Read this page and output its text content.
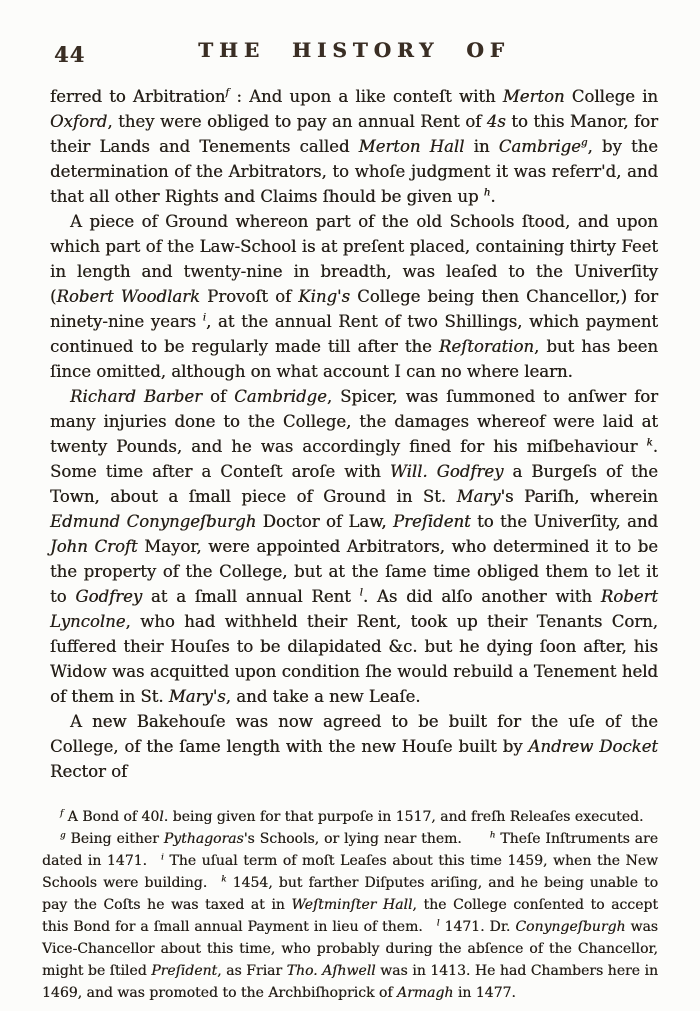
44	THE HISTORY OF

ferred to Arbitration$^f$ : And upon a like conteſt with Merton College in Oxford, they were obliged to pay an annual Rent of 4s to this Manor, for their Lands and Tenements called Merton Hall in Cambrige$^g$, by the determination of the Arbitrators, to whoſe judgment it was referr'd, and that all other Rights and Claims ſhould be given up $^h$.

A piece of Ground whereon part of the old Schools ſtood, and upon which part of the Law-School is at preſent placed, containing thirty Feet in length and twenty-nine in breadth, was leaſed to the Univerſity (Robert Woodlark Provoſt of King's College being then Chancellor,) for ninety-nine years $^i$, at the annual Rent of two Shillings, which payment continued to be regularly made till after the Reſtoration, but has been ſince omitted, although on what account I can no where learn.

Richard Barber of Cambridge, Spicer, was ſummoned to anſwer for many injuries done to the College, the damages whereof were laid at twenty Pounds, and he was accordingly fined for his miſbehaviour $^k$. Some time after a Conteſt aroſe with Will. Godfrey a Burgeſs of the Town, about a ſmall piece of Ground in St. Mary's Pariſh, wherein Edmund Conyngeſburgh Doctor of Law, Preſident to the Univerſity, and John Croft Mayor, were appointed Arbitrators, who determined it to be the property of the College, but at the ſame time obliged them to let it to Godfrey at a ſmall annual Rent $^l$. As did alſo another with Robert Lyncolne, who had withheld their Rent, took up their Tenants Corn, ſuffered their Houſes to be dilapidated &c. but he dying ſoon after, his Widow was acquitted upon condition ſhe would rebuild a Tenement held of them in St. Mary's, and take a new Leaſe.

A new Bakehouſe was now agreed to be built for the uſe of the College, of the ſame length with the new Houſe built by Andrew Docket Rector of

$^f$ A Bond of 40l. being given for that purpoſe in 1517, and freſh Releaſes executed.

$^g$ Being either Pythagoras's Schools, or lying near them.  $^h$ Theſe Inſtruments are dated in 1471. $^i$ The uſual term of moſt Leaſes about this time 1459, when the New Schools were building. $^k$ 1454, but farther Diſputes ariſing, and he being unable to pay the Coſts he was taxed at in Weſtminſter Hall, the College conſented to accept this Bond for a ſmall annual Payment in lieu of them. $^l$ 1471. Dr. Conyngeſburgh was Vice-Chancellor about this time, who probably during the abſence of the Chancellor, might be ſtiled Preſident, as Friar Tho. Aſhwell was in 1413. He had Chambers here in 1469, and was promoted to the Archbiſhoprick of Armagh in 1477.
